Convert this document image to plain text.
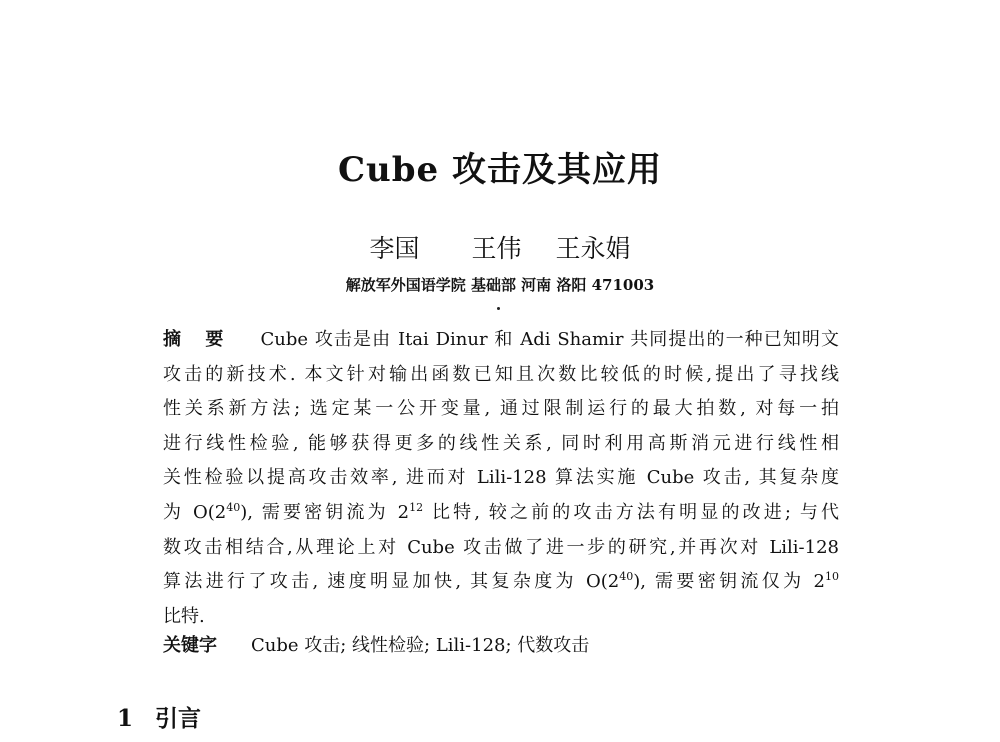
Cube 攻击及其应用
李国 王伟 王永娟
解放军外国语学院 基础部 河南 洛阳 471003
摘 要 Cube 攻击是由 Itai Dinur 和 Adi Shamir 共同提出的一种已知明文
攻击的新技术. 本文针对输出函数已知且次数比较低的时候,提出了寻找线
性关系新方法; 选定某一公开变量, 通过限制运行的最大拍数, 对每一拍
进行线性检验, 能够获得更多的线性关系, 同时利用高斯消元进行线性相
关性检验以提高攻击效率, 进而对 Lili-128 算法实施 Cube 攻击, 其复杂度
为 $O(2^{40})$, 需要密钥流为 $2^{12}$ 比特, 较之前的攻击方法有明显的改进; 与代
数攻击相结合,从理论上对 Cube 攻击做了进一步的研究,并再次对 Lili-128
算法进行了攻击, 速度明显加快, 其复杂度为 $O(2^{40})$, 需要密钥流仅为 $2^{10}$
比特.
关键字 Cube 攻击; 线性检验; Lili-128; 代数攻击
1 引言
